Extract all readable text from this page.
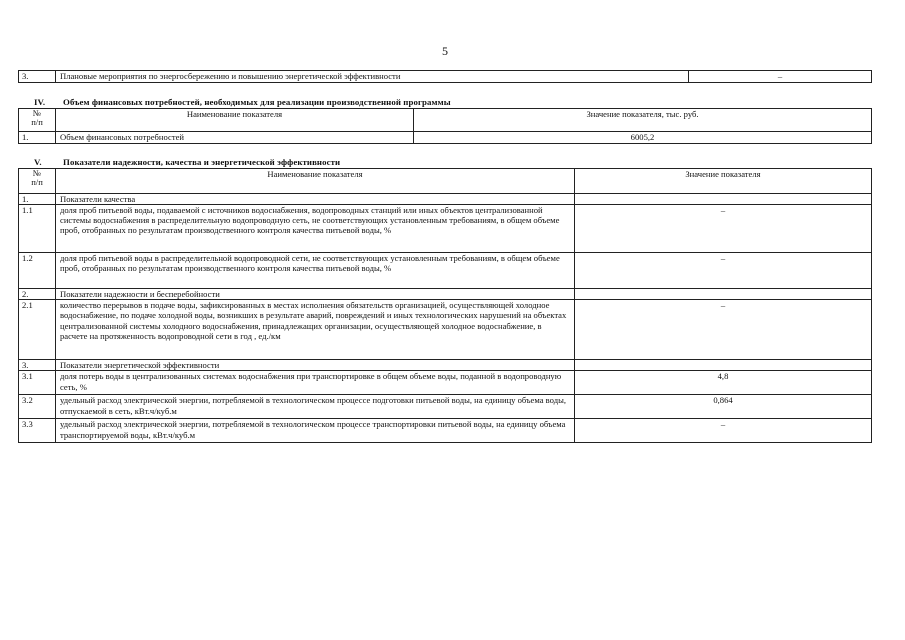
5
3.	Плановые мероприятия по энергосбережению и повышению энергетической эффективности	–
IV. Объем финансовых потребностей, необходимых для реализации производственной программы
№
п/п	Наименование показателя	Значение показателя, тыс. руб.
1.	Объем финансовых потребностей	6005,2
V. Показатели надежности, качества и энергетической эффективности
№
п/п	Наименование показателя	Значение показателя
1.	Показатели качества	
1.1	доля проб питьевой воды, подаваемой с источников водоснабжения, водопроводных станций или иных объектов централизованной системы водоснабжения в распределительную водопроводную сеть, не соответствующих установленным требованиям, в общем объеме проб, отобранных по результатам производственного контроля качества питьевой воды, %	–
1.2	доля проб питьевой воды в распределительной водопроводной сети, не соответствующих установленным требованиям, в общем объеме проб, отобранных по результатам производственного контроля качества питьевой воды, %	–
2.	Показатели надежности и бесперебойности	
2.1	количество перерывов в подаче воды, зафиксированных в местах исполнения обязательств организацией, осуществляющей холодное водоснабжение, по подаче холодной воды, возникших в результате аварий, повреждений и иных технологических нарушений на объектах централизованной системы холодного водоснабжения, принадлежащих организации, осуществляющей холодное водоснабжение, в расчете на протяженность водопроводной сети в год , ед./км	–
3.	Показатели энергетической эффективности	
3.1	доля потерь воды в централизованных системах водоснабжения при транспортировке в общем объеме воды, поданной в водопроводную сеть, %	4,8
3.2	удельный расход электрической энергии, потребляемой в технологическом процессе подготовки питьевой воды, на единицу объема воды, отпускаемой в сеть, кВт.ч/куб.м	0,864
3.3	удельный расход электрической энергии, потребляемой в технологическом процессе транспортировки питьевой воды, на единицу объема транспортируемой воды, кВт.ч/куб.м	–
